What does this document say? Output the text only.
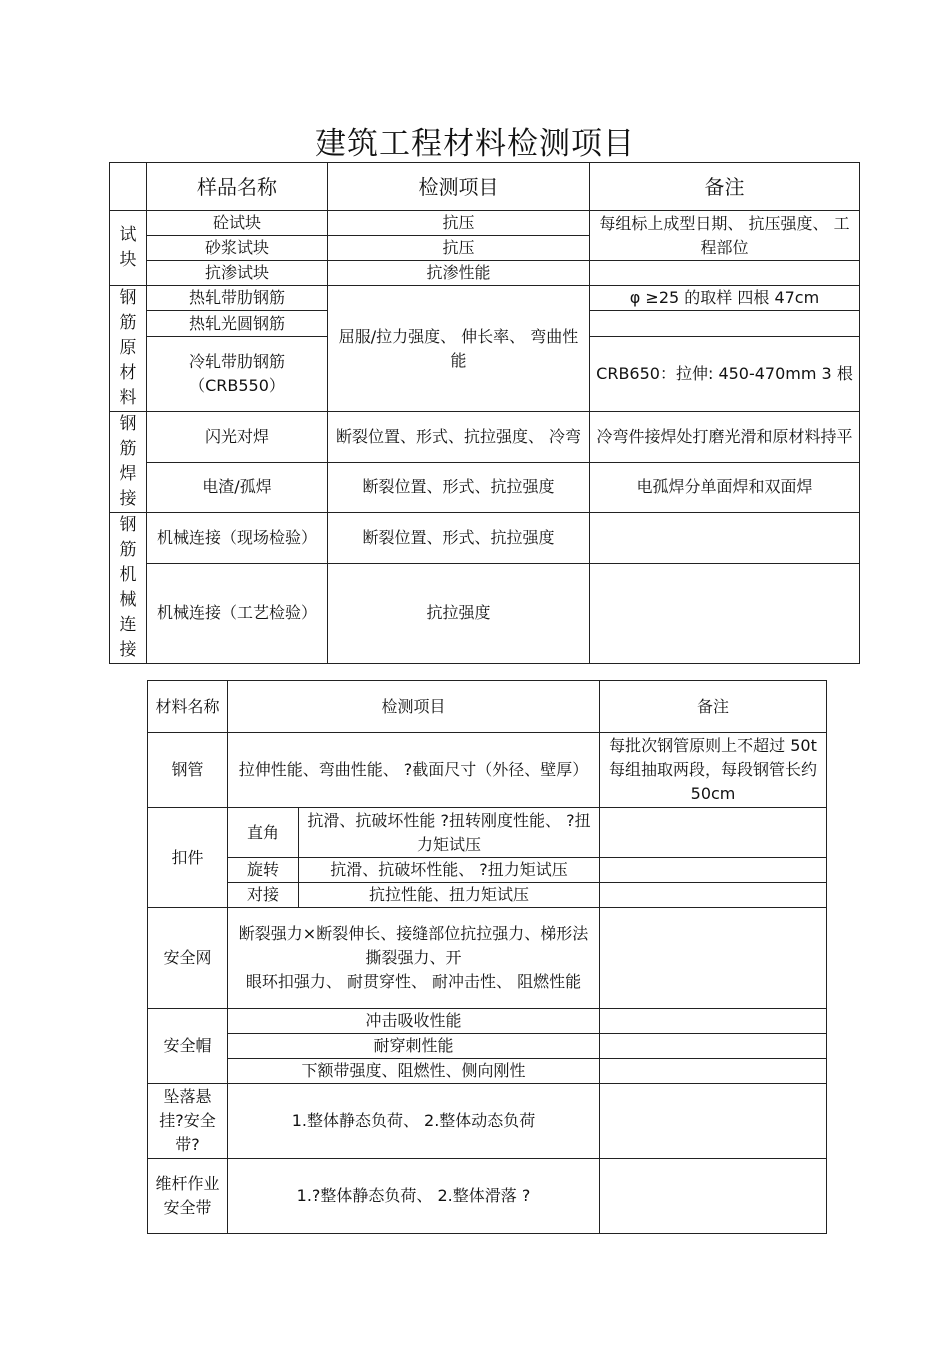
建筑工程材料检测项目
	样品名称	检测项目	备注
试块	砼试块	抗压	每组标上成型日期、 抗压强度、 工程部位
	砂浆试块	抗压	
	抗渗试块	抗渗性能	
钢筋原材料	热轧带肋钢筋	屈服/拉力强度、 伸长率、 弯曲性能	φ ≥25 的取样 四根 47cm
	热轧光圆钢筋		
	冷轧带肋钢筋（CRB550）		CRB650：拉伸: 450-470mm 3 根
钢筋焊接	闪光对焊	断裂位置、形式、抗拉强度、 冷弯	冷弯件接焊处打磨光滑和原材料持平
	电渣/孤焊	断裂位置、形式、抗拉强度	电孤焊分单面焊和双面焊
钢筋机械连接	机械连接（现场检验）	断裂位置、形式、抗拉强度	
	机械连接（工艺检验）	抗拉强度	
材料名称	检测项目		备注
钢管	拉伸性能、弯曲性能、 ?截面尺寸（外径、壁厚）		每批次钢管原则上不超过 50t 每组抽取两段，每段钢管长约 50cm
扣件	直角	抗滑、抗破坏性能 ?扭转刚度性能、 ?扭力矩试压	
	旋转	抗滑、抗破坏性能、 ?扭力矩试压	
	对接	抗拉性能、扭力矩试压	
安全网	断裂强力×断裂伸长、接缝部位抗拉强力、梯形法撕裂强力、开
眼环扣强力、 耐贯穿性、 耐冲击性、 阻燃性能		

安全帽	冲击吸收性能		
	耐穿刺性能		
	下额带强度、阻燃性、侧向刚性		
坠落悬挂?安全带?	1.整体静态负荷、 2.整体动态负荷		
维杆作业安全带	1.?整体静态负荷、 2.整体滑落 ?		
